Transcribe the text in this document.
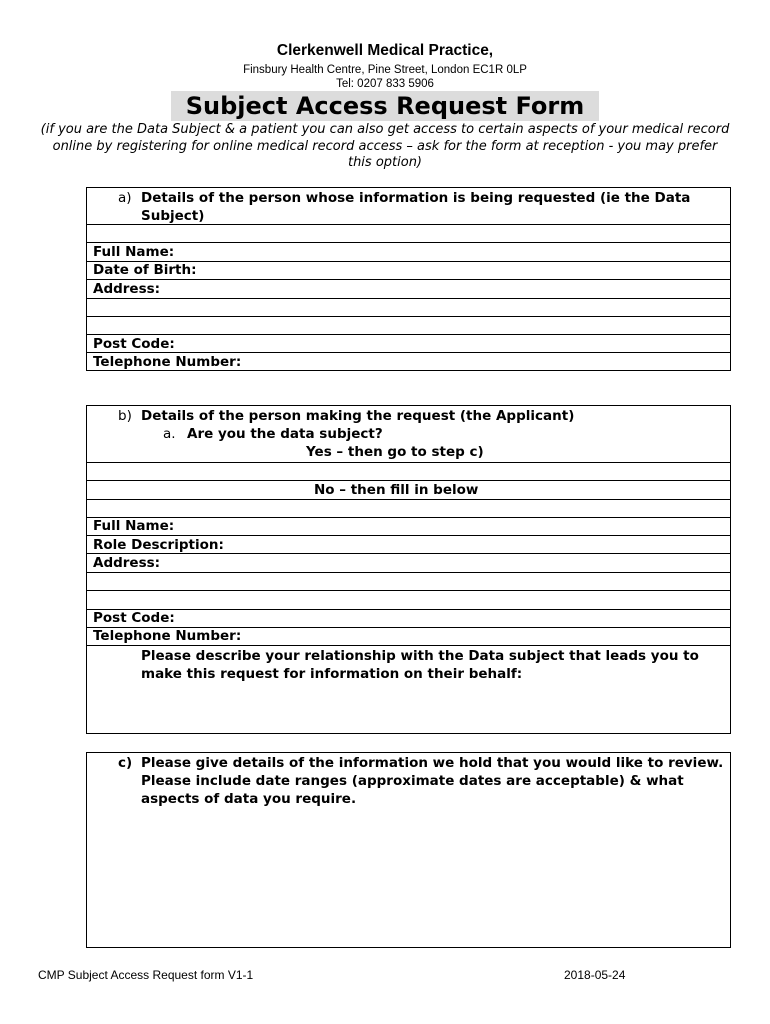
Clerkenwell Medical Practice,
Finsbury Health Centre, Pine Street, London EC1R 0LP
Tel: 0207 833 5906
Subject Access Request Form
(if you are the Data Subject & a patient you can also get access to certain aspects of your medical record online by registering for online medical record access – ask for the form at reception - you may prefer this option)
a) Details of the person whose information is being requested (ie the Data Subject)
Full Name:
Date of Birth:
Address:
Post Code:
Telephone Number:
b) Details of the person making the request (the Applicant)
a. Are you the data subject?
Yes – then go to step c)
No – then fill in below
Full Name:
Role Description:
Address:
Post Code:
Telephone Number:
Please describe your relationship with the Data subject that leads you to make this request for information on their behalf:
c) Please give details of the information we hold that you would like to review. Please include date ranges (approximate dates are acceptable) & what aspects of data you require.
CMP Subject Access Request form V1-1	2018-05-24
